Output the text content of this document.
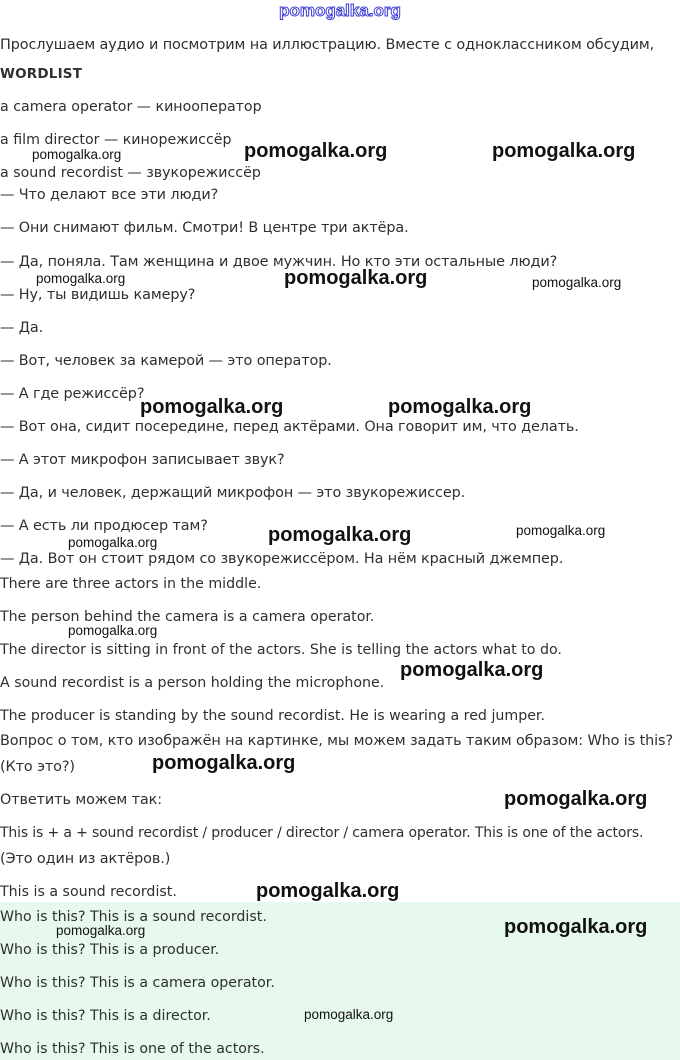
pomogalka.org
Прослушаем аудио и посмотрим на иллюстрацию. Вместе с одноклассником обсудим,
WORDLIST
a camera operator — кинооператор
a film director — кинорежиссёр
a sound recordist — звукорежиссёр
— Что делают все эти люди?
— Они снимают фильм. Смотри! В центре три актёра.
— Да, поняла. Там женщина и двое мужчин. Но кто эти остальные люди?
— Ну, ты видишь камеру?
— Да.
— Вот, человек за камерой — это оператор.
— А где режиссёр?
— Вот она, сидит посередине, перед актёрами. Она говорит им, что делать.
— А этот микрофон записывает звук?
— Да, и человек, держащий микрофон — это звукорежиссер.
— А есть ли продюсер там?
— Да. Вот он стоит рядом со звукорежиссёром. На нём красный джемпер.
There are three actors in the middle.
The person behind the camera is a camera operator.
The director is sitting in front of the actors. She is telling the actors what to do.
A sound recordist is a person holding the microphone.
The producer is standing by the sound recordist. He is wearing a red jumper.
Вопрос о том, кто изображён на картинке, мы можем задать таким образом: Who is this?
(Кто это?)
Ответить можем так:
This is + a + sound recordist / producer / director / camera operator. This is one of the actors.
(Это один из актёров.)
This is a sound recordist.
Who is this? This is a sound recordist.
Who is this? This is a producer.
Who is this? This is a camera operator.
Who is this? This is a director.
Who is this? This is one of the actors.
pomogalka.org	pomogalka.org	pomogalka.org
pomogalka.org	pomogalka.org	pomogalka.org
pomogalka.org	pomogalka.org
pomogalka.org	pomogalka.org
pomogalka.org
pomogalka.org
pomogalka.org
pomogalka.org
pomogalka.org
pomogalka.org
pomogalka.org
pomogalka.org
pomogalka.org
